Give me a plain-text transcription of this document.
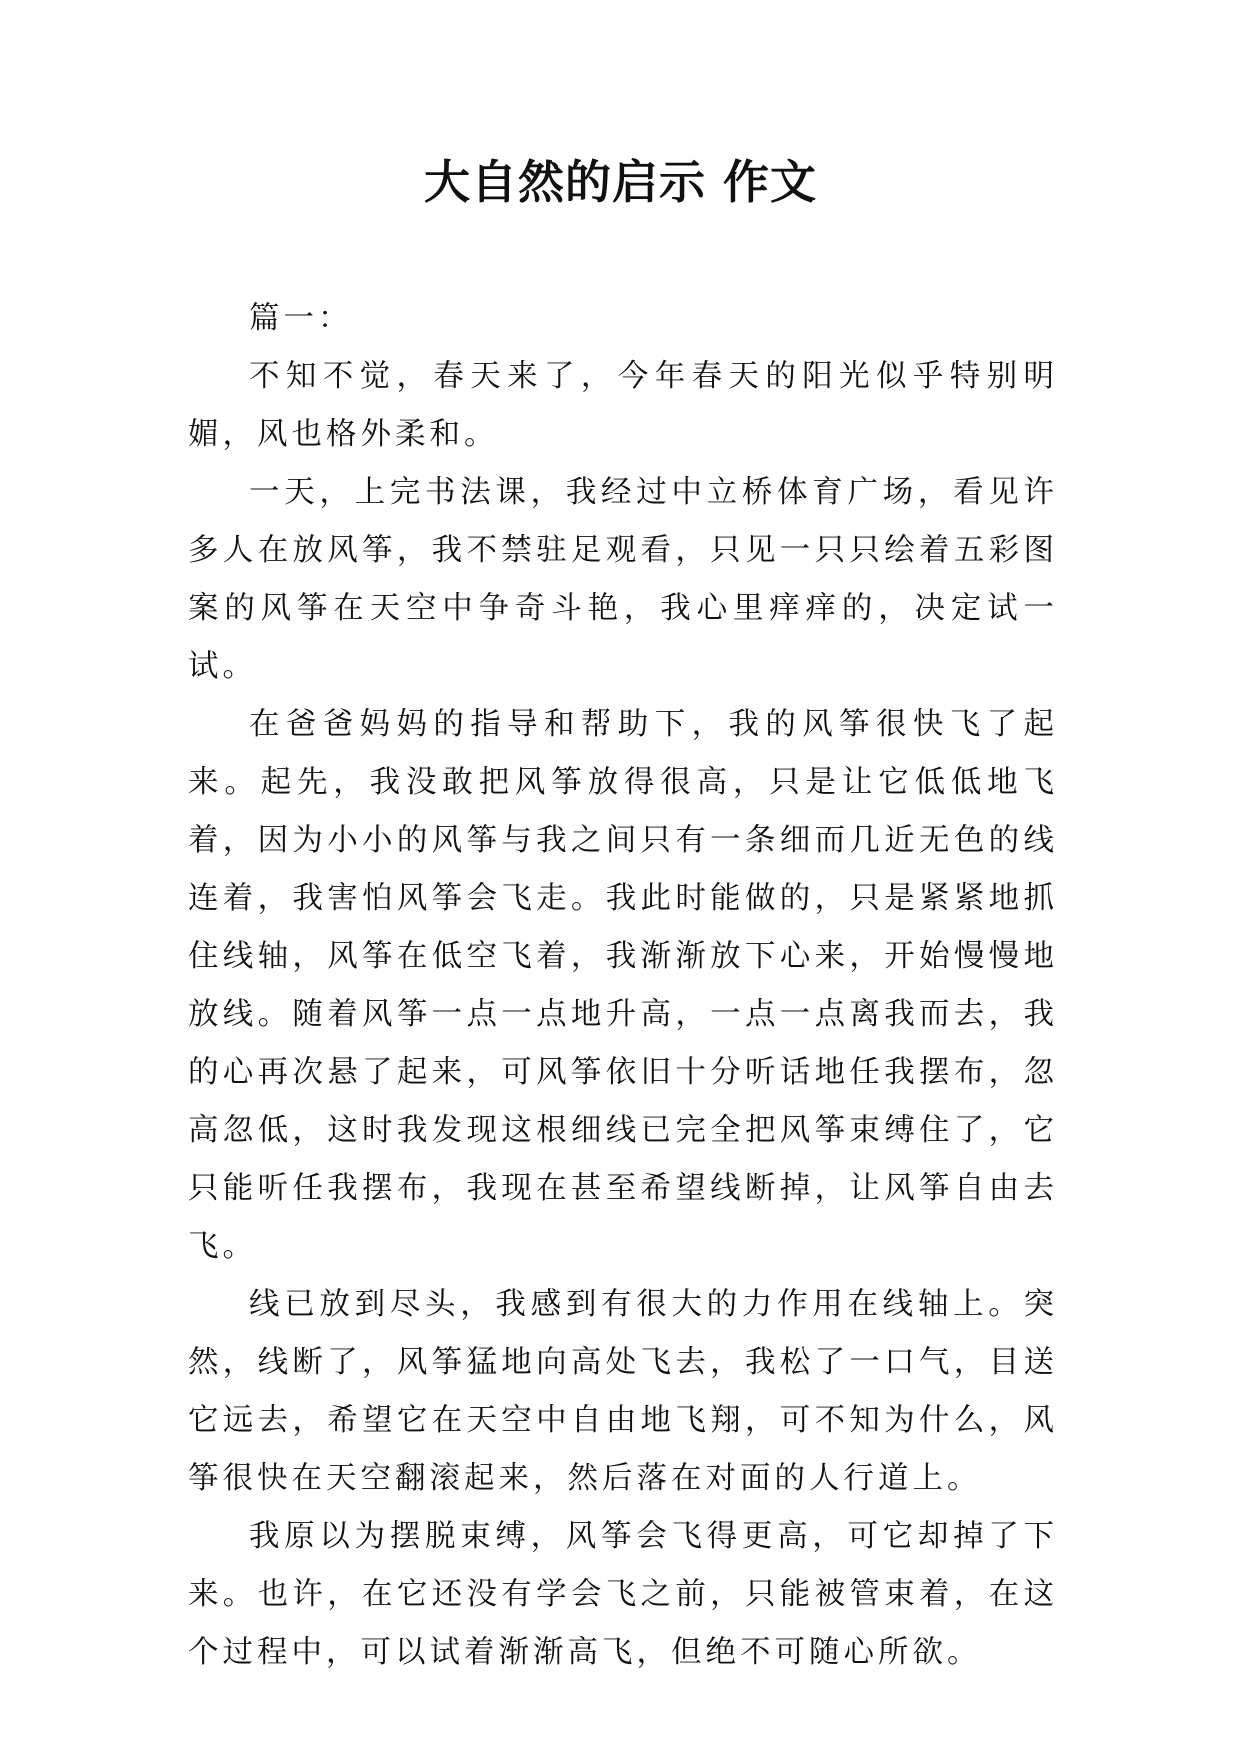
大自然的启示 作文

篇一：

不知不觉，春天来了，今年春天的阳光似乎特别明媚，风也格外柔和。

一天，上完书法课，我经过中立桥体育广场，看见许多人在放风筝，我不禁驻足观看，只见一只只绘着五彩图案的风筝在天空中争奇斗艳，我心里痒痒的，决定试一试。

在爸爸妈妈的指导和帮助下，我的风筝很快飞了起来。起先，我没敢把风筝放得很高，只是让它低低地飞着，因为小小的风筝与我之间只有一条细而几近无色的线连着，我害怕风筝会飞走。我此时能做的，只是紧紧地抓住线轴，风筝在低空飞着，我渐渐放下心来，开始慢慢地放线。随着风筝一点一点地升高，一点一点离我而去，我的心再次悬了起来，可风筝依旧十分听话地任我摆布，忽高忽低，这时我发现这根细线已完全把风筝束缚住了，它只能听任我摆布，我现在甚至希望线断掉，让风筝自由去飞。

线已放到尽头，我感到有很大的力作用在线轴上。突然，线断了，风筝猛地向高处飞去，我松了一口气，目送它远去，希望它在天空中自由地飞翔，可不知为什么，风筝很快在天空翻滚起来，然后落在对面的人行道上。

我原以为摆脱束缚，风筝会飞得更高，可它却掉了下来。也许，在它还没有学会飞之前，只能被管束着，在这个过程中，可以试着渐渐高飞，但绝不可随心所欲。
